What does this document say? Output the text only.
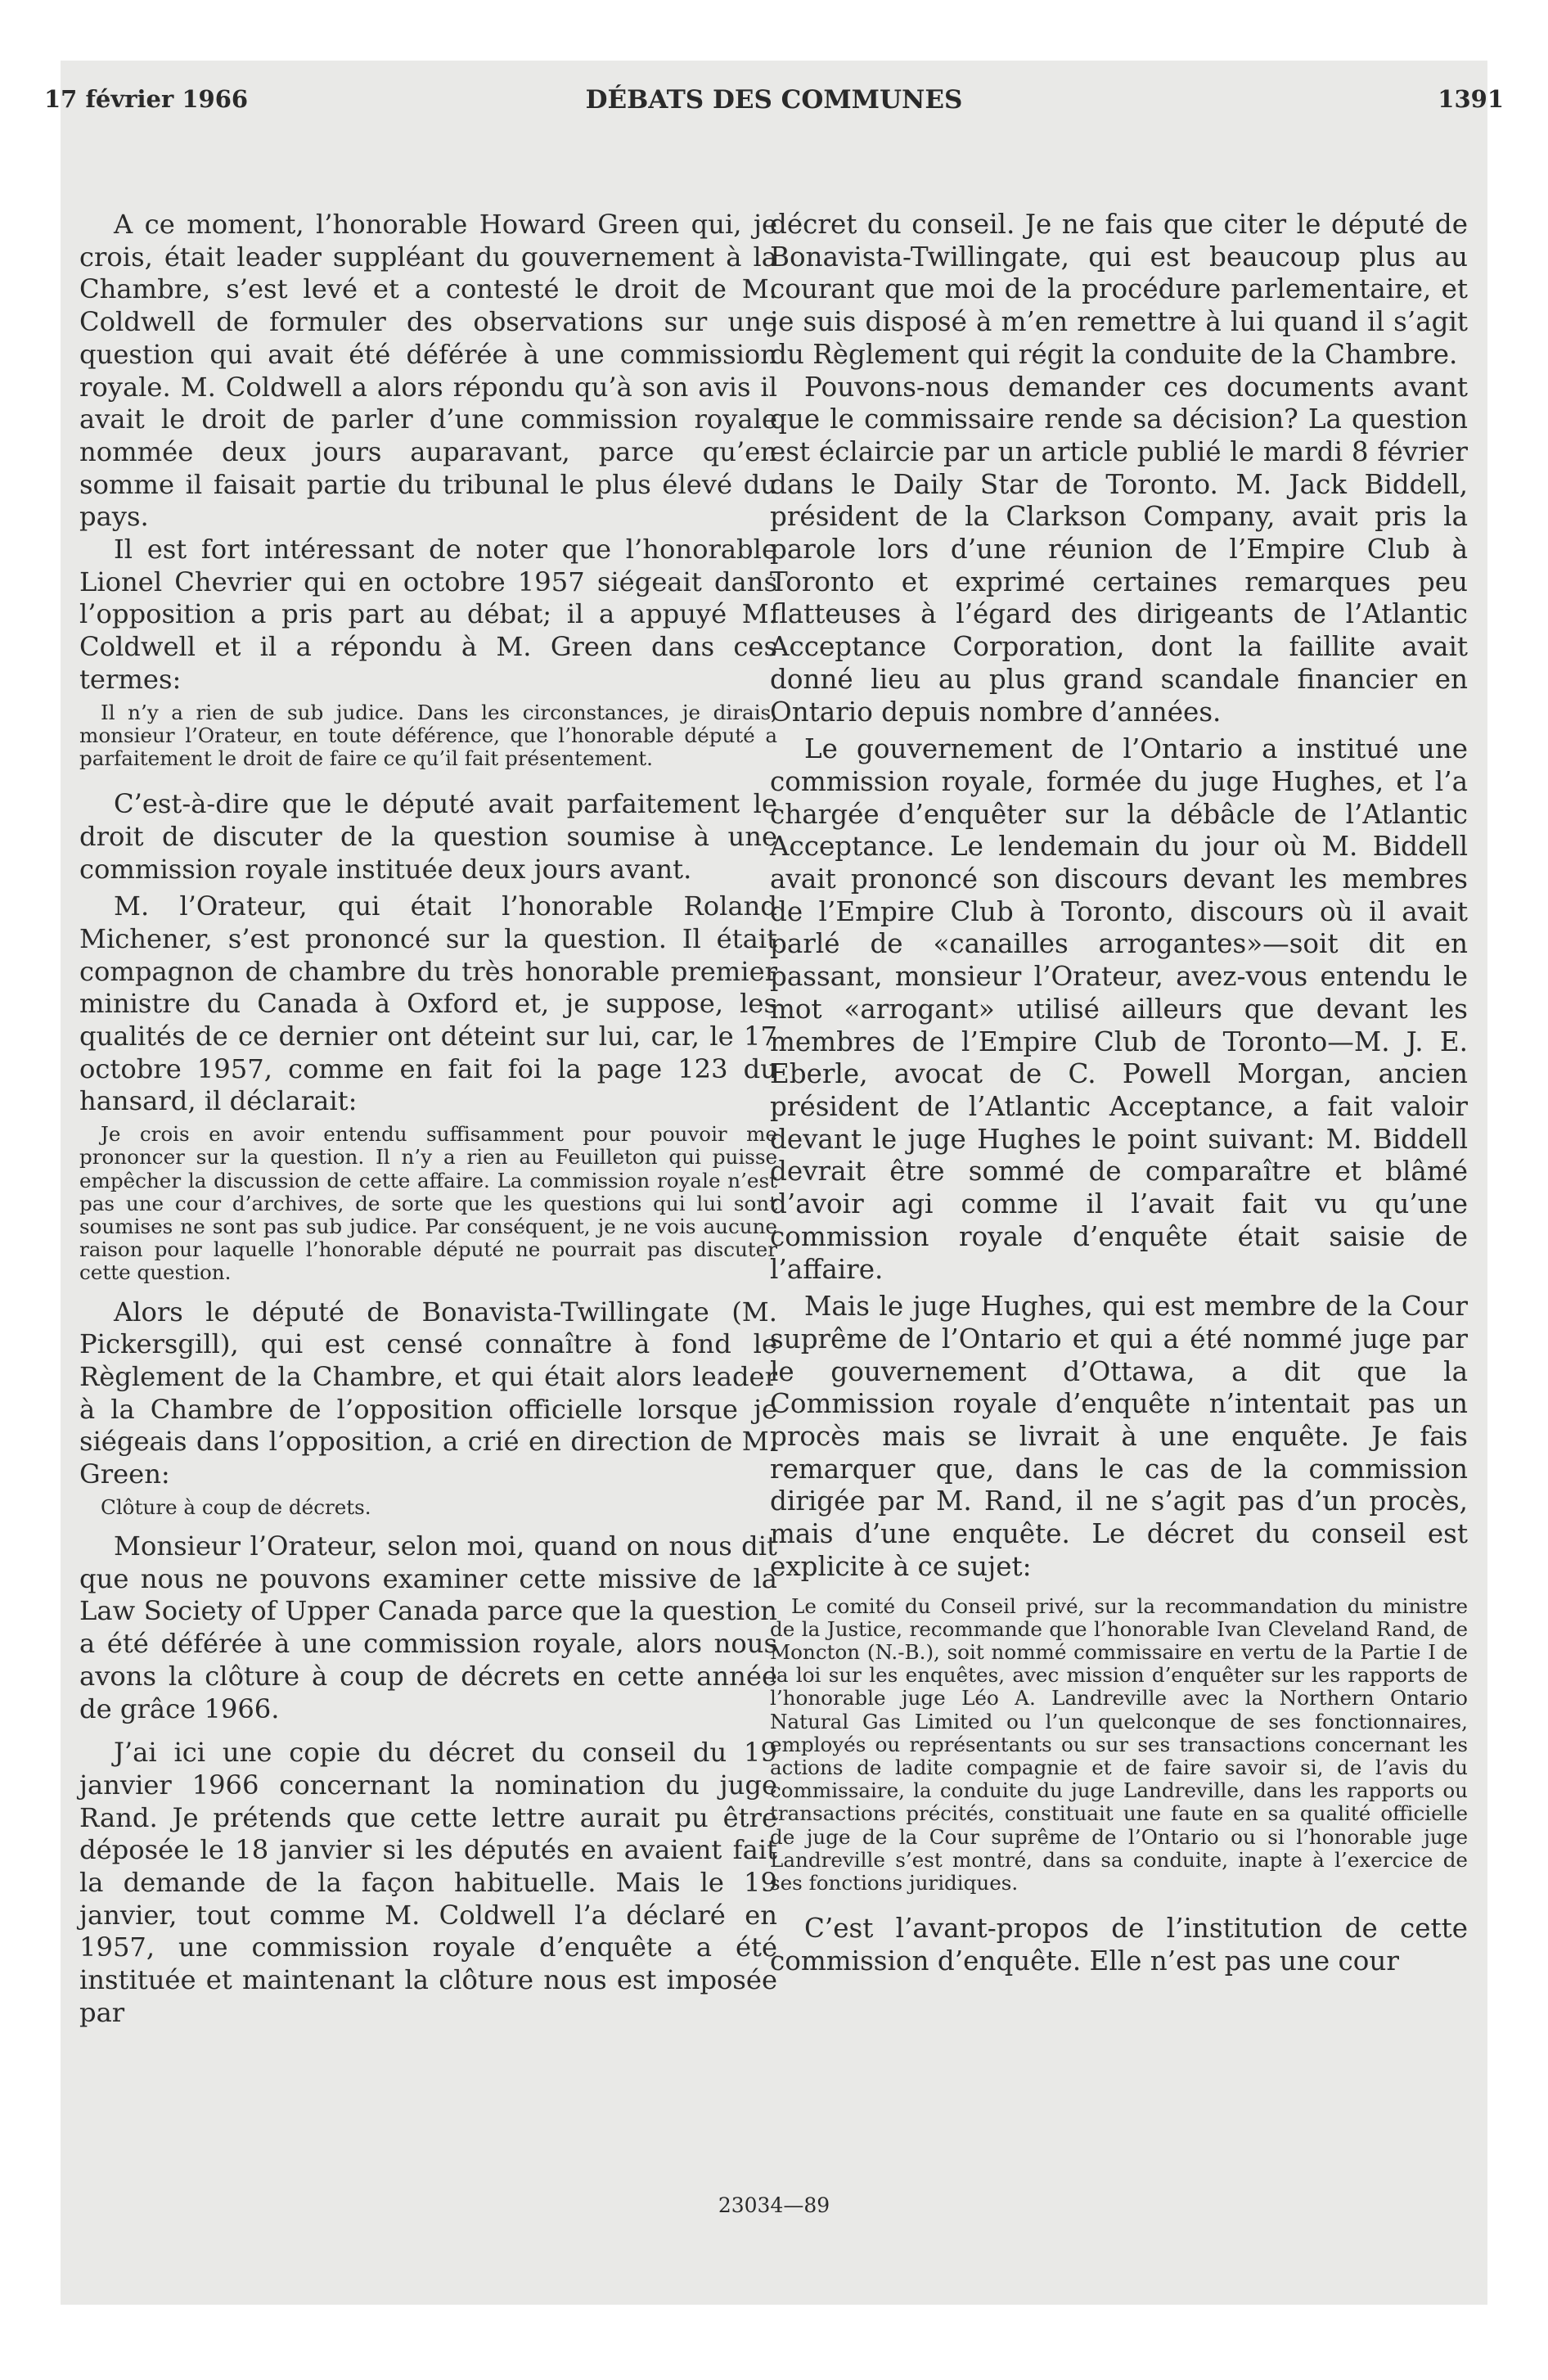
17 février 1966	DÉBATS DES COMMUNES	1391

A ce moment, l’honorable Howard Green qui, je crois, était leader suppléant du gouvernement à la Chambre, s’est levé et a contesté le droit de M. Coldwell de formuler des observations sur une question qui avait été déférée à une commission royale. M. Coldwell a alors répondu qu’à son avis il avait le droit de parler d’une commission royale nommée deux jours auparavant, parce qu’en somme il faisait partie du tribunal le plus élevé du pays.

Il est fort intéressant de noter que l’honorable Lionel Chevrier qui en octobre 1957 siégeait dans l’opposition a pris part au débat; il a appuyé M. Coldwell et il a répondu à M. Green dans ces termes:

Il n’y a rien de sub judice. Dans les circonstances, je dirais, monsieur l’Orateur, en toute déférence, que l’honorable député a parfaitement le droit de faire ce qu’il fait présentement.

C’est-à-dire que le député avait parfaitement le droit de discuter de la question soumise à une commission royale instituée deux jours avant.

M. l’Orateur, qui était l’honorable Roland Michener, s’est prononcé sur la question. Il était compagnon de chambre du très honorable premier ministre du Canada à Oxford et, je suppose, les qualités de ce dernier ont déteint sur lui, car, le 17 octobre 1957, comme en fait foi la page 123 du hansard, il déclarait:

Je crois en avoir entendu suffisamment pour pouvoir me prononcer sur la question. Il n’y a rien au Feuilleton qui puisse empêcher la discussion de cette affaire. La commission royale n’est pas une cour d’archives, de sorte que les questions qui lui sont soumises ne sont pas sub judice. Par conséquent, je ne vois aucune raison pour laquelle l’honorable député ne pourrait pas discuter cette question.

Alors le député de Bonavista-Twillingate (M. Pickersgill), qui est censé connaître à fond le Règlement de la Chambre, et qui était alors leader à la Chambre de l’opposition officielle lorsque je siégeais dans l’opposition, a crié en direction de M. Green:

Clôture à coup de décrets.

Monsieur l’Orateur, selon moi, quand on nous dit que nous ne pouvons examiner cette missive de la Law Society of Upper Canada parce que la question a été déférée à une commission royale, alors nous avons la clôture à coup de décrets en cette année de grâce 1966.

J’ai ici une copie du décret du conseil du 19 janvier 1966 concernant la nomination du juge Rand. Je prétends que cette lettre aurait pu être déposée le 18 janvier si les députés en avaient fait la demande de la façon habituelle. Mais le 19 janvier, tout comme M. Coldwell l’a déclaré en 1957, une commission royale d’enquête a été instituée et maintenant la clôture nous est imposée par

décret du conseil. Je ne fais que citer le député de Bonavista-Twillingate, qui est beaucoup plus au courant que moi de la procédure parlementaire, et je suis disposé à m’en remettre à lui quand il s’agit du Règlement qui régit la conduite de la Chambre.

Pouvons-nous demander ces documents avant que le commissaire rende sa décision? La question est éclaircie par un article publié le mardi 8 février dans le Daily Star de Toronto. M. Jack Biddell, président de la Clarkson Company, avait pris la parole lors d’une réunion de l’Empire Club à Toronto et exprimé certaines remarques peu flatteuses à l’égard des dirigeants de l’Atlantic Acceptance Corporation, dont la faillite avait donné lieu au plus grand scandale financier en Ontario depuis nombre d’années.

Le gouvernement de l’Ontario a institué une commission royale, formée du juge Hughes, et l’a chargée d’enquêter sur la débâcle de l’Atlantic Acceptance. Le lendemain du jour où M. Biddell avait prononcé son discours devant les membres de l’Empire Club à Toronto, discours où il avait parlé de «canailles arrogantes»—soit dit en passant, monsieur l’Orateur, avez-vous entendu le mot «arrogant» utilisé ailleurs que devant les membres de l’Empire Club de Toronto—M. J. E. Eberle, avocat de C. Powell Morgan, ancien président de l’Atlantic Acceptance, a fait valoir devant le juge Hughes le point suivant: M. Biddell devrait être sommé de comparaître et blâmé d’avoir agi comme il l’avait fait vu qu’une commission royale d’enquête était saisie de l’affaire.

Mais le juge Hughes, qui est membre de la Cour suprême de l’Ontario et qui a été nommé juge par le gouvernement d’Ottawa, a dit que la Commission royale d’enquête n’intentait pas un procès mais se livrait à une enquête. Je fais remarquer que, dans le cas de la commission dirigée par M. Rand, il ne s’agit pas d’un procès, mais d’une enquête. Le décret du conseil est explicite à ce sujet:

Le comité du Conseil privé, sur la recommandation du ministre de la Justice, recommande que l’honorable Ivan Cleveland Rand, de Moncton (N.-B.), soit nommé commissaire en vertu de la Partie I de la loi sur les enquêtes, avec mission d’enquêter sur les rapports de l’honorable juge Léo A. Landreville avec la Northern Ontario Natural Gas Limited ou l’un quelconque de ses fonctionnaires, employés ou représentants ou sur ses transactions concernant les actions de ladite compagnie et de faire savoir si, de l’avis du commissaire, la conduite du juge Landreville, dans les rapports ou transactions précités, constituait une faute en sa qualité officielle de juge de la Cour suprême de l’Ontario ou si l’honorable juge Landreville s’est montré, dans sa conduite, inapte à l’exercice de ses fonctions juridiques.

C’est l’avant-propos de l’institution de cette commission d’enquête. Elle n’est pas une cour

23034—89
